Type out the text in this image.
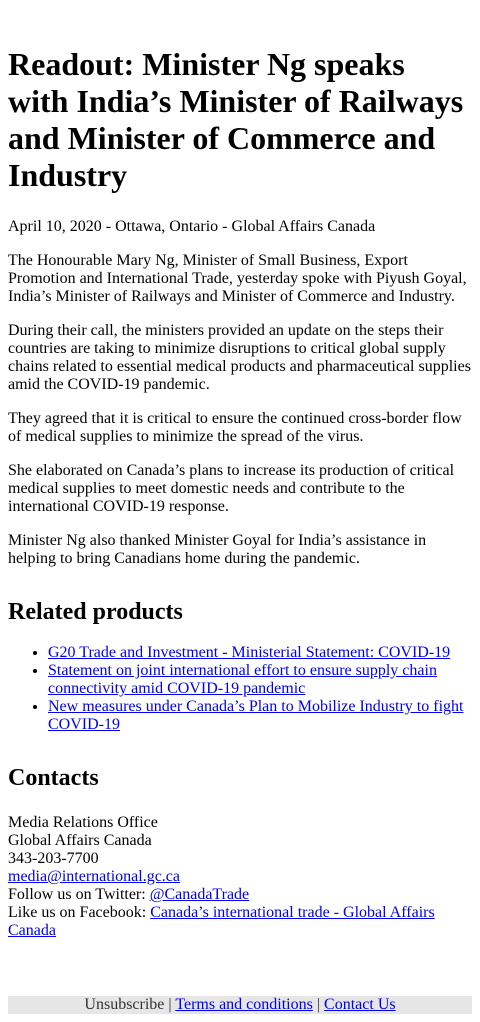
Readout: Minister Ng speaks with India’s Minister of Railways and Minister of Commerce and Industry
April 10, 2020 - Ottawa, Ontario - Global Affairs Canada

The Honourable Mary Ng, Minister of Small Business, Export Promotion and International Trade, yesterday spoke with Piyush Goyal, India’s Minister of Railways and Minister of Commerce and Industry.

During their call, the ministers provided an update on the steps their countries are taking to minimize disruptions to critical global supply chains related to essential medical products and pharmaceutical supplies amid the COVID-19 pandemic.

They agreed that it is critical to ensure the continued cross-border flow of medical supplies to minimize the spread of the virus.

She elaborated on Canada’s plans to increase its production of critical medical supplies to meet domestic needs and contribute to the international COVID-19 response.

Minister Ng also thanked Minister Goyal for India’s assistance in helping to bring Canadians home during the pandemic.

Related products
• G20 Trade and Investment - Ministerial Statement: COVID-19
• Statement on joint international effort to ensure supply chain connectivity amid COVID-19 pandemic
• New measures under Canada’s Plan to Mobilize Industry to fight COVID-19
Contacts
Media Relations Office
Global Affairs Canada
343-203-7700
media@international.gc.ca
Follow us on Twitter: @CanadaTrade
Like us on Facebook: Canada’s international trade - Global Affairs Canada
Unsubscribe | Terms and conditions | Contact Us
